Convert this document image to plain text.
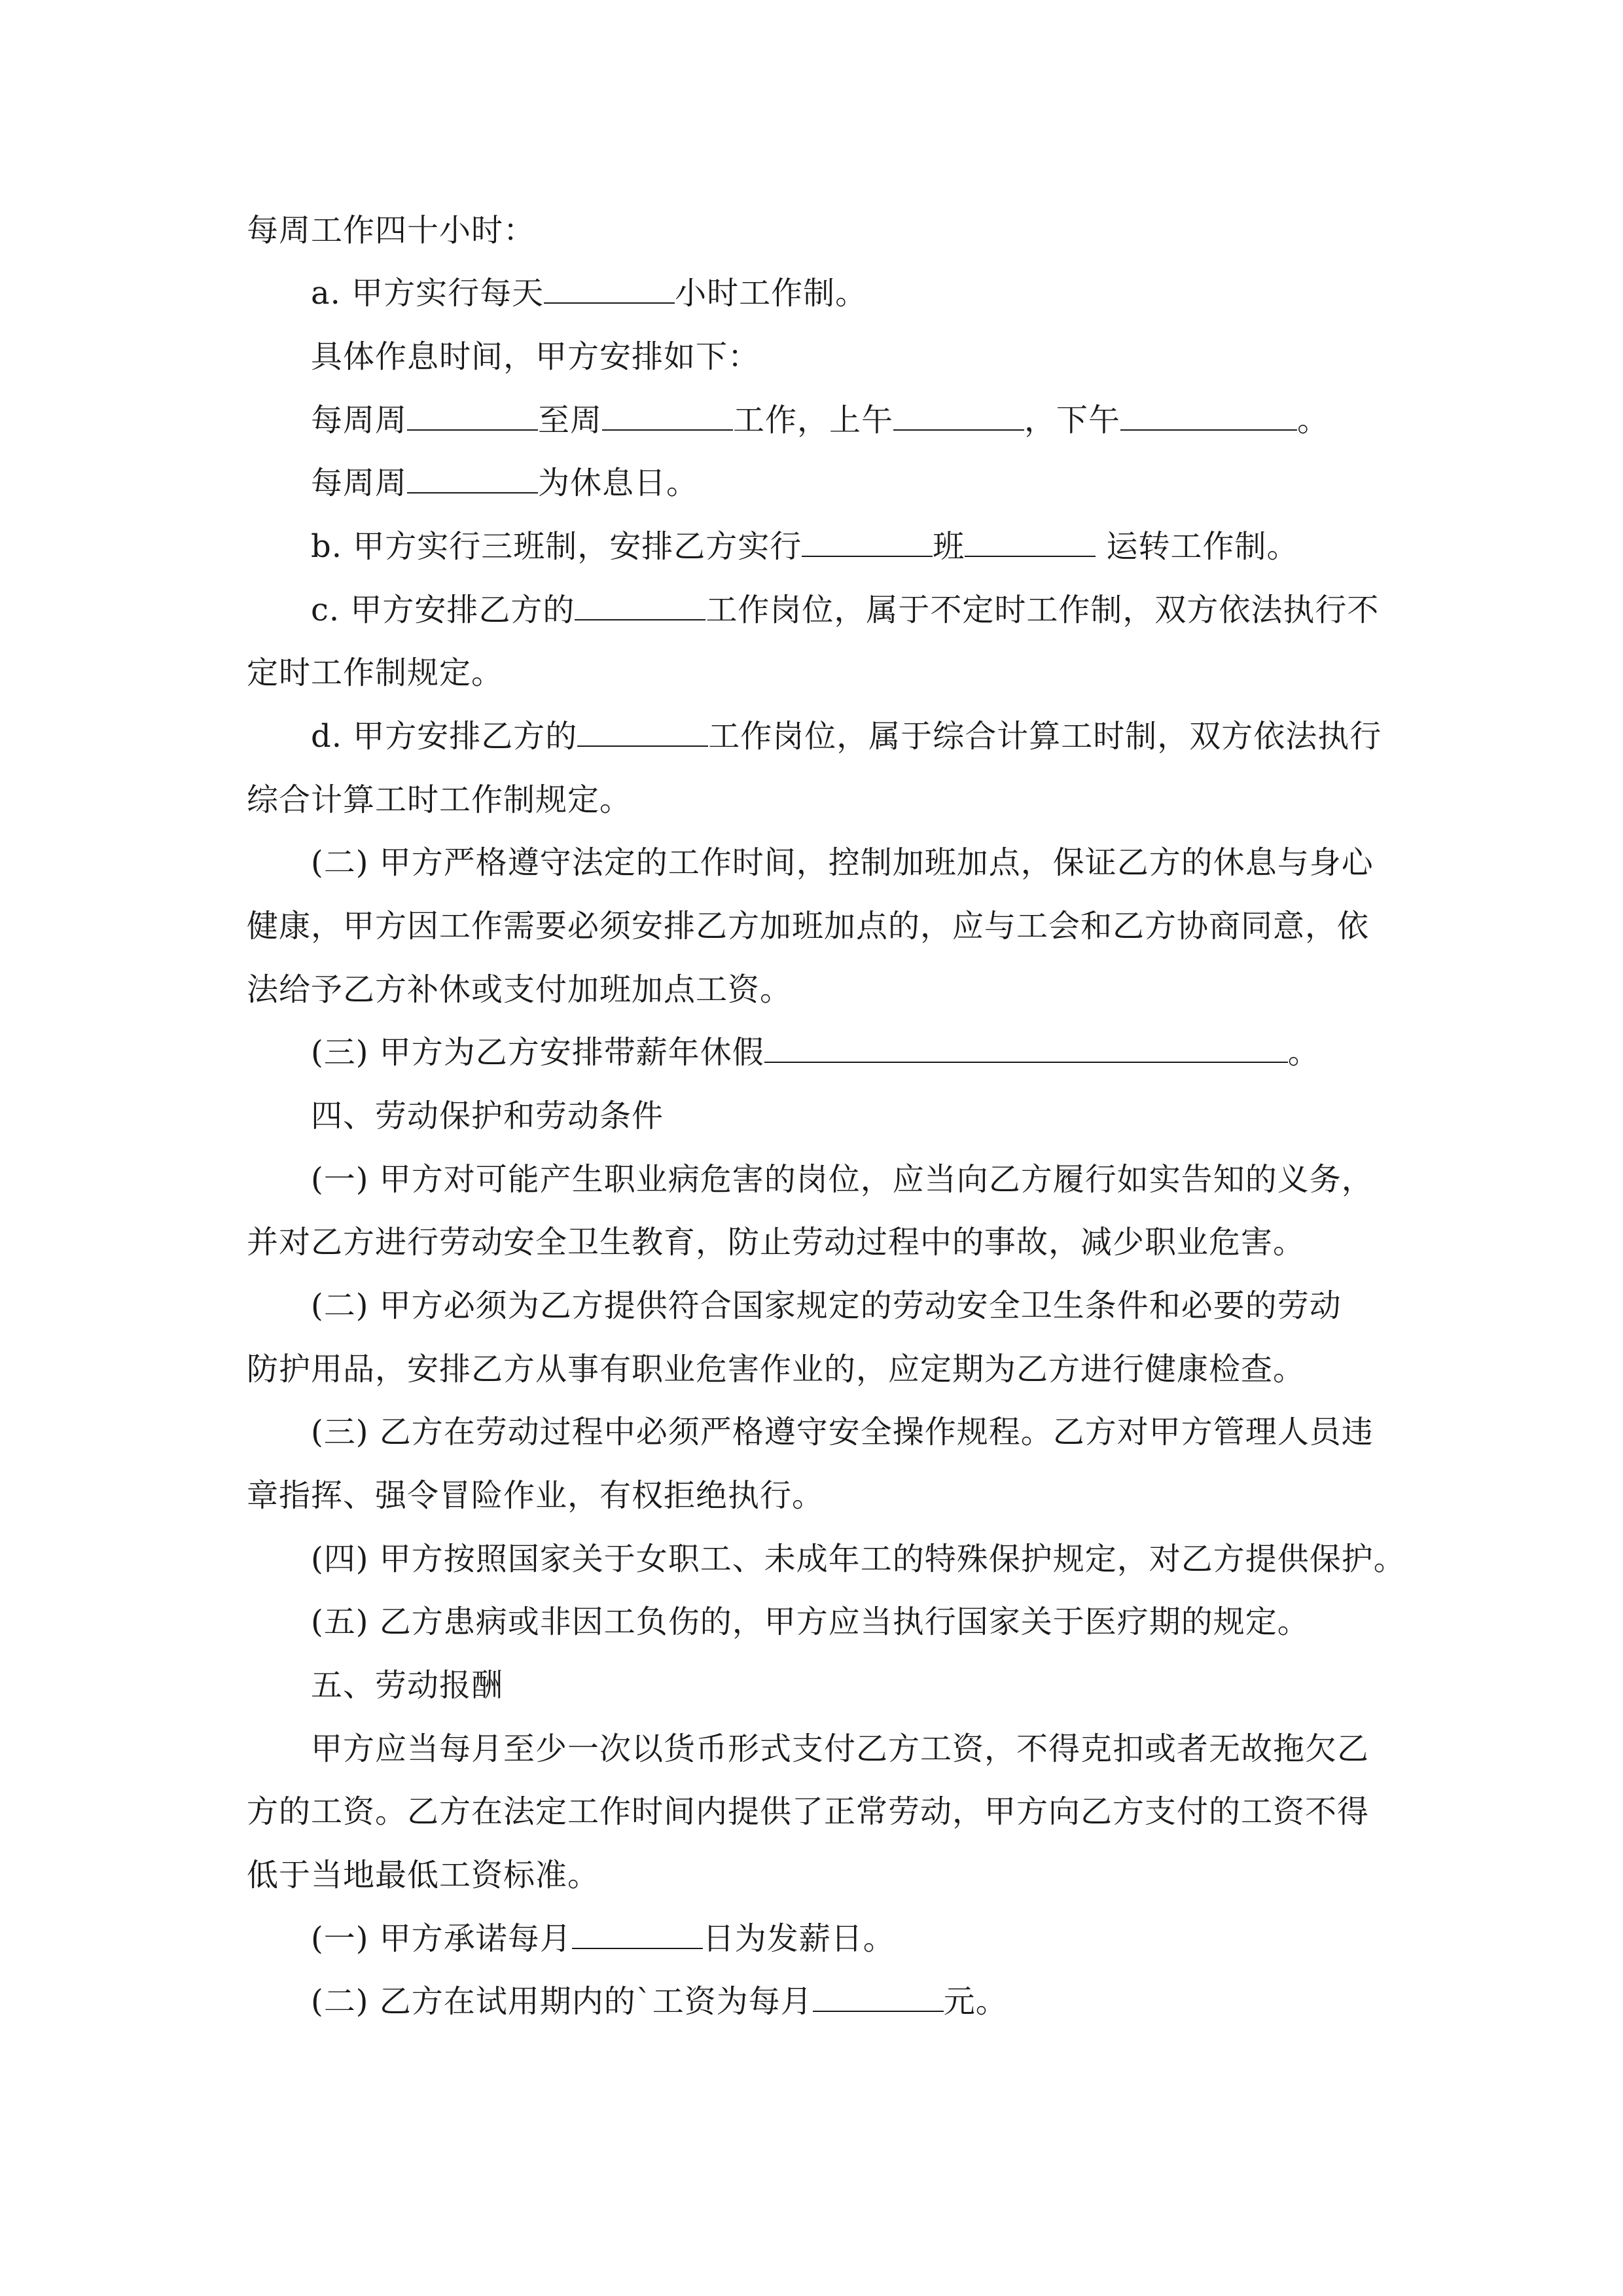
每周工作四十小时：
a. 甲方实行每天	小时工作制。
具体作息时间，甲方安排如下：
每周周	至周	工作，上午	，下午	。
每周周	为休息日。
b. 甲方实行三班制，安排乙方实行	班	运转工作制。
c. 甲方安排乙方的	工作岗位，属于不定时工作制，双方依法执行不
定时工作制规定。
d. 甲方安排乙方的	工作岗位，属于综合计算工时制，双方依法执行
综合计算工时工作制规定。
(二) 甲方严格遵守法定的工作时间，控制加班加点，保证乙方的休息与身心
健康，甲方因工作需要必须安排乙方加班加点的，应与工会和乙方协商同意，依
法给予乙方补休或支付加班加点工资。
(三) 甲方为乙方安排带薪年休假	。
四、劳动保护和劳动条件
(一) 甲方对可能产生职业病危害的岗位，应当向乙方履行如实告知的义务，
并对乙方进行劳动安全卫生教育，防止劳动过程中的事故，减少职业危害。
(二) 甲方必须为乙方提供符合国家规定的劳动安全卫生条件和必要的劳动
防护用品，安排乙方从事有职业危害作业的，应定期为乙方进行健康检查。
(三) 乙方在劳动过程中必须严格遵守安全操作规程。乙方对甲方管理人员违
章指挥、强令冒险作业，有权拒绝执行。
(四) 甲方按照国家关于女职工、未成年工的特殊保护规定，对乙方提供保护。
(五) 乙方患病或非因工负伤的，甲方应当执行国家关于医疗期的规定。
五、劳动报酬
甲方应当每月至少一次以货币形式支付乙方工资，不得克扣或者无故拖欠乙
方的工资。乙方在法定工作时间内提供了正常劳动，甲方向乙方支付的工资不得
低于当地最低工资标准。
(一) 甲方承诺每月	日为发薪日。
(二) 乙方在试用期内的`工资为每月	元。
